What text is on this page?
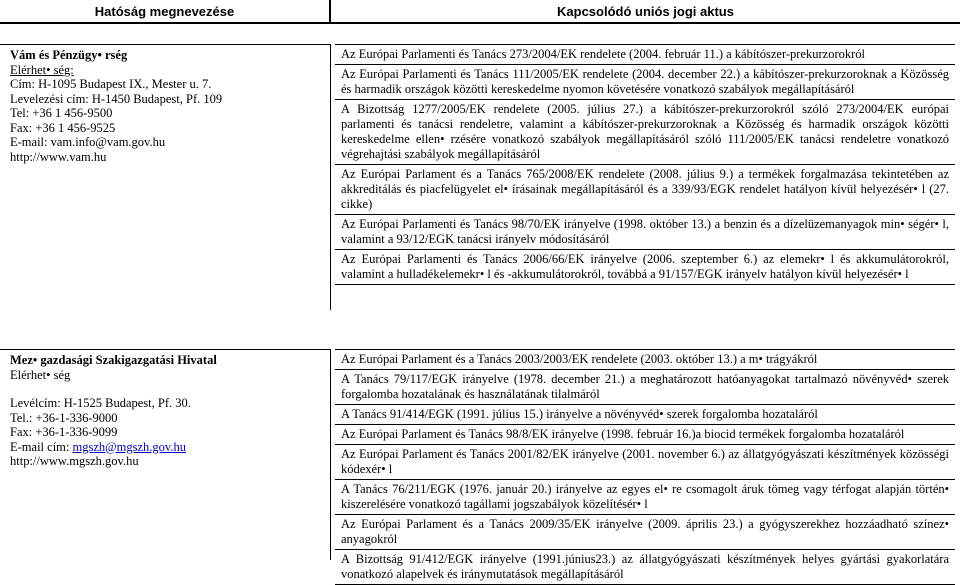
Hatóság megnevezése	Kapcsolódó uniós jogi aktus
Vám és Pénzügy• rség
Elérhet• ség:
Cím: H-1095 Budapest IX., Mester u. 7.
Levelezési cím: H-1450 Budapest, Pf. 109
Tel: +36 1 456-9500
Fax: +36 1 456-9525
E-mail: vam.info@vam.gov.hu
http://www.vam.hu
Az Európai Parlamenti és Tanács 273/2004/EK rendelete (2004. február 11.) a kábítószer-prekurzorokról
Az Európai Parlamenti és Tanács 111/2005/EK rendelete (2004. december 22.) a kábítószer-prekurzoroknak a Közösség és harmadik országok közötti kereskedelme nyomon követésére vonatkozó szabályok megállapításáról
A Bizottság 1277/2005/EK rendelete (2005. július 27.) a kábítószer-prekurzorokról szóló 273/2004/EK európai parlamenti és tanácsi rendeletre, valamint a kábítószer-prekurzoroknak a Közösség és harmadik országok közötti kereskedelme ellen• rzésére vonatkozó szabályok megállapításáról szóló 111/2005/EK tanácsi rendeletre vonatkozó végrehajtási szabályok megállapításáról
Az Európai Parlament és a Tanács 765/2008/EK rendelete (2008. július 9.) a termékek forgalmazása tekintetében az akkreditálás és piacfelügyelet el• írásainak megállapításáról és a 339/93/EGK rendelet hatályon kívül helyezésér• l (27. cikke)
Az Európai Parlamenti és Tanács 98/70/EK irányelve (1998. október 13.) a benzin és a dízelüzemanyagok min• ségér• l, valamint a 93/12/EGK tanácsi irányelv módosításáról
Az Európai Parlamenti és Tanács 2006/66/EK irányelve (2006. szeptember 6.) az elemekr• l és akkumulátorokról, valamint a hulladékelemekr• l és -akkumulátorokról, továbbá a 91/157/EGK irányelv hatályon kívül helyezésér• l
Mez• gazdasági Szakigazgatási Hivatal
Elérhet• ség
Levélcím: H-1525 Budapest, Pf. 30.
Tel.: +36-1-336-9000
Fax: +36-1-336-9099
E-mail cím: mgszh@mgszh.gov.hu
http://www.mgszh.gov.hu
Az Európai Parlament és a Tanács 2003/2003/EK rendelete (2003. október 13.) a m• trágyákról
A Tanács 79/117/EGK irányelve (1978. december 21.) a meghatározott hatóanyagokat tartalmazó növényvéd• szerek forgalomba hozatalának és használatának tilalmáról
A Tanács 91/414/EGK (1991. július 15.) irányelve a növényvéd• szerek forgalomba hozataláról
Az Európai Parlament és Tanács 98/8/EK irányelve (1998. február 16.)a biocid termékek forgalomba hozataláról
Az Európai Parlament és Tanács 2001/82/EK irányelve (2001. november 6.) az állatgyógyászati készítmények közösségi kódexér• l
A Tanács 76/211/EGK (1976. január 20.) irányelve az egyes el• re csomagolt áruk tömeg vagy térfogat alapján történ• kiszerelésére vonatkozó tagállami jogszabályok közelítésér• l
Az Európai Parlament és a Tanács 2009/35/EK irányelve (2009. április 23.) a gyógyszerekhez hozzáadható színez• anyagokról
A Bizottság 91/412/EGK irányelve (1991.június23.) az állatgyógyászati készítmények helyes gyártási gyakorlatára vonatkozó alapelvek és iránymutatások megállapításáról
